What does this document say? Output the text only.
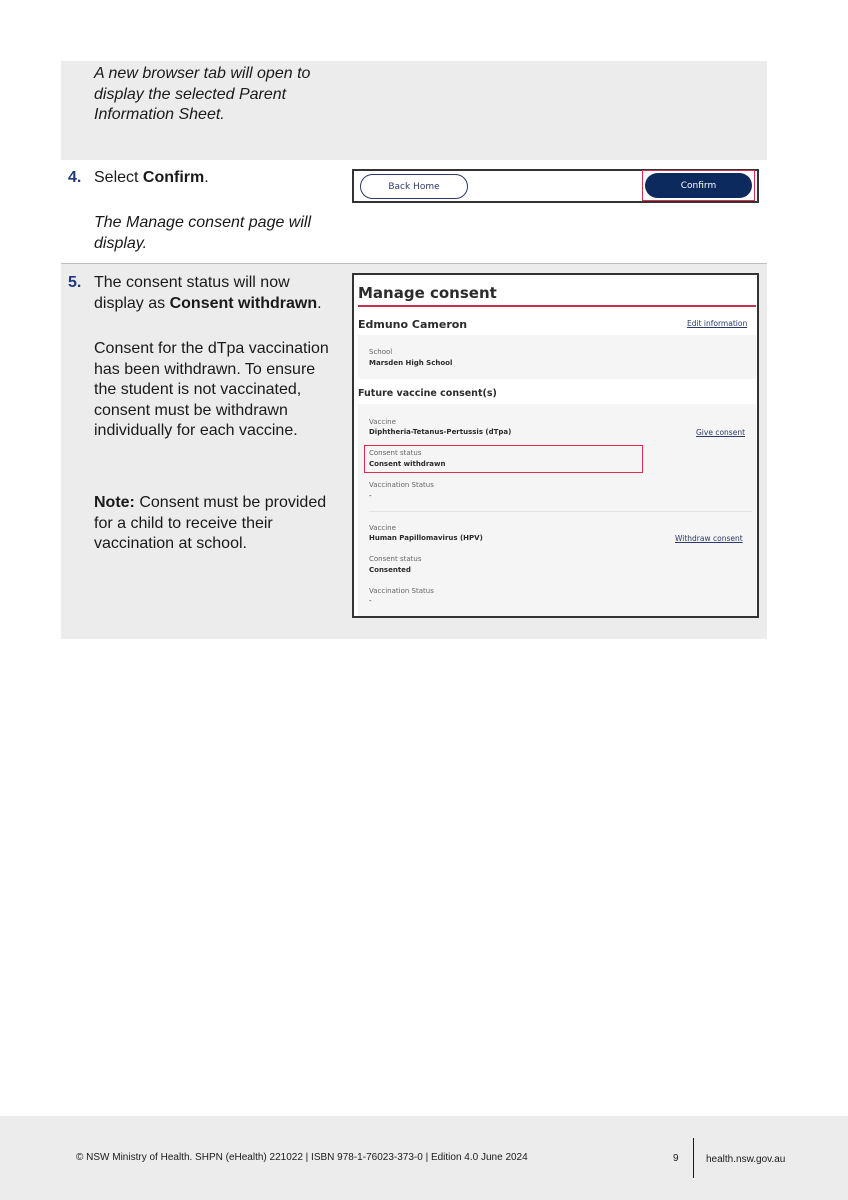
A new browser tab will open to display the selected Parent Information Sheet.

4. Select Confirm.

The Manage consent page will display.

Back Home	Confirm
5. The consent status will now display as Consent withdrawn.

Consent for the dTpa vaccination has been withdrawn. To ensure the student is not vaccinated, consent must be withdrawn individually for each vaccine.

Note: Consent must be provided for a child to receive their vaccination at school.

Manage consent
Edmuno Cameron	Edit information
School
Marsden High School
Future vaccine consent(s)
Vaccine
Diphtheria-Tetanus-Pertussis (dTpa)	Give consent
Consent status
Consent withdrawn
Vaccination Status
-
Vaccine
Human Papillomavirus (HPV)	Withdraw consent
Consent status
Consented
Vaccination Status
-
© NSW Ministry of Health. SHPN (eHealth) 221022 | ISBN 978-1-76023-373-0 | Edition 4.0 June 2024	9	health.nsw.gov.au
